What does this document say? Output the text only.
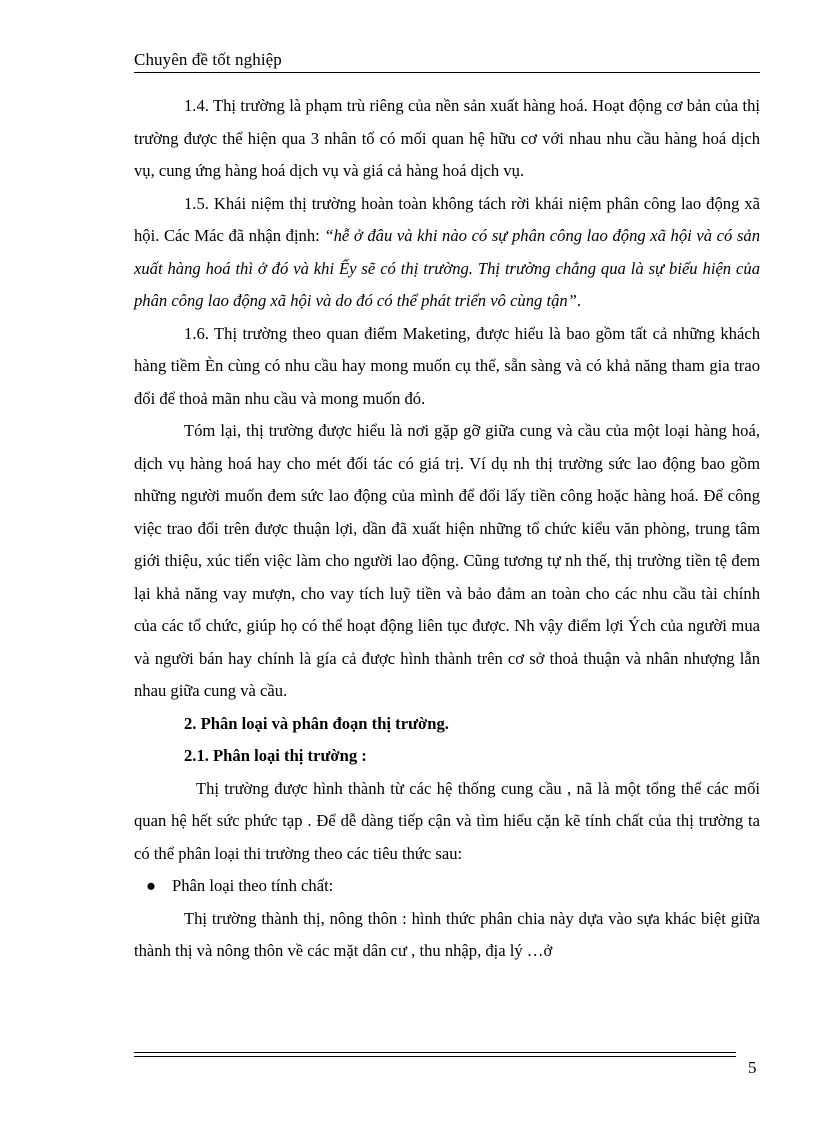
Chuyên đề tốt nghiệp

1.4. Thị trường là phạm trù riêng của nền sản xuất hàng hoá. Hoạt động cơ bản của thị trường được thể hiện qua 3 nhân tố có mối quan hệ hữu cơ với nhau nhu cầu hàng hoá dịch vụ, cung ứng hàng hoá dịch vụ và giá cả hàng hoá dịch vụ.

1.5. Khái niệm thị trường hoàn toàn không tách rời khái niệm phân công lao động xã hội. Các Mác đã nhận định: “hễ ở đâu và khi nào có sự phân công lao động xã hội và có sản xuất hàng hoá thì ở đó và khi Ếy sẽ có thị trường. Thị trường chẳng qua là sự biểu hiện của phân công lao động xã hội và do đó có thể phát triển vô cùng tận”.

1.6. Thị trường theo quan điểm Maketing, được hiểu là bao gồm tất cả những khách hàng tiềm Èn cùng có nhu cầu hay mong muốn cụ thể, sẵn sàng và có khả năng tham gia trao đổi để thoả mãn nhu cầu và mong muốn đó.

Tóm lại, thị trường được hiểu là nơi gặp gỡ giữa cung và cầu của một loại hàng hoá, dịch vụ hàng hoá hay cho mét đối tác có giá trị. Ví dụ nh thị trường sức lao động bao gồm những người muốn đem sức lao động của mình để đổi lấy tiền công hoặc hàng hoá. Để công việc trao đổi trên được thuận lợi, dần đã xuất hiện những tổ chức kiểu văn phòng, trung tâm giới thiệu, xúc tiến việc làm cho người lao động. Cũng tương tự nh thế, thị trường tiền tệ đem lại khả năng vay mượn, cho vay tích luỹ tiền và bảo đảm an toàn cho các nhu cầu tài chính của các tổ chức, giúp họ có thể hoạt động liên tục được. Nh vậy điểm lợi Ých của người mua và người bán hay chính là gía cả được hình thành trên cơ sở thoả thuận và nhân nhượng lẫn nhau giữa cung và cầu.

2. Phân loại và phân đoạn thị trường.

2.1. Phân loại thị trường :

Thị trường được hình thành từ các hệ thống cung cầu , nã là một tổng thể các mối quan hệ hết sức phức tạp . Để dễ dàng tiếp cận và tìm hiểu cặn kẽ tính chất của thị trường ta có thể phân loại thi trường theo các tiêu thức sau:

● Phân loại theo tính chất:

Thị trường thành thị, nông thôn : hình thức phân chia này dựa vào sựa khác biệt giữa thành thị và nông thôn về các mặt dân cư , thu nhập, địa lý …ở

5
